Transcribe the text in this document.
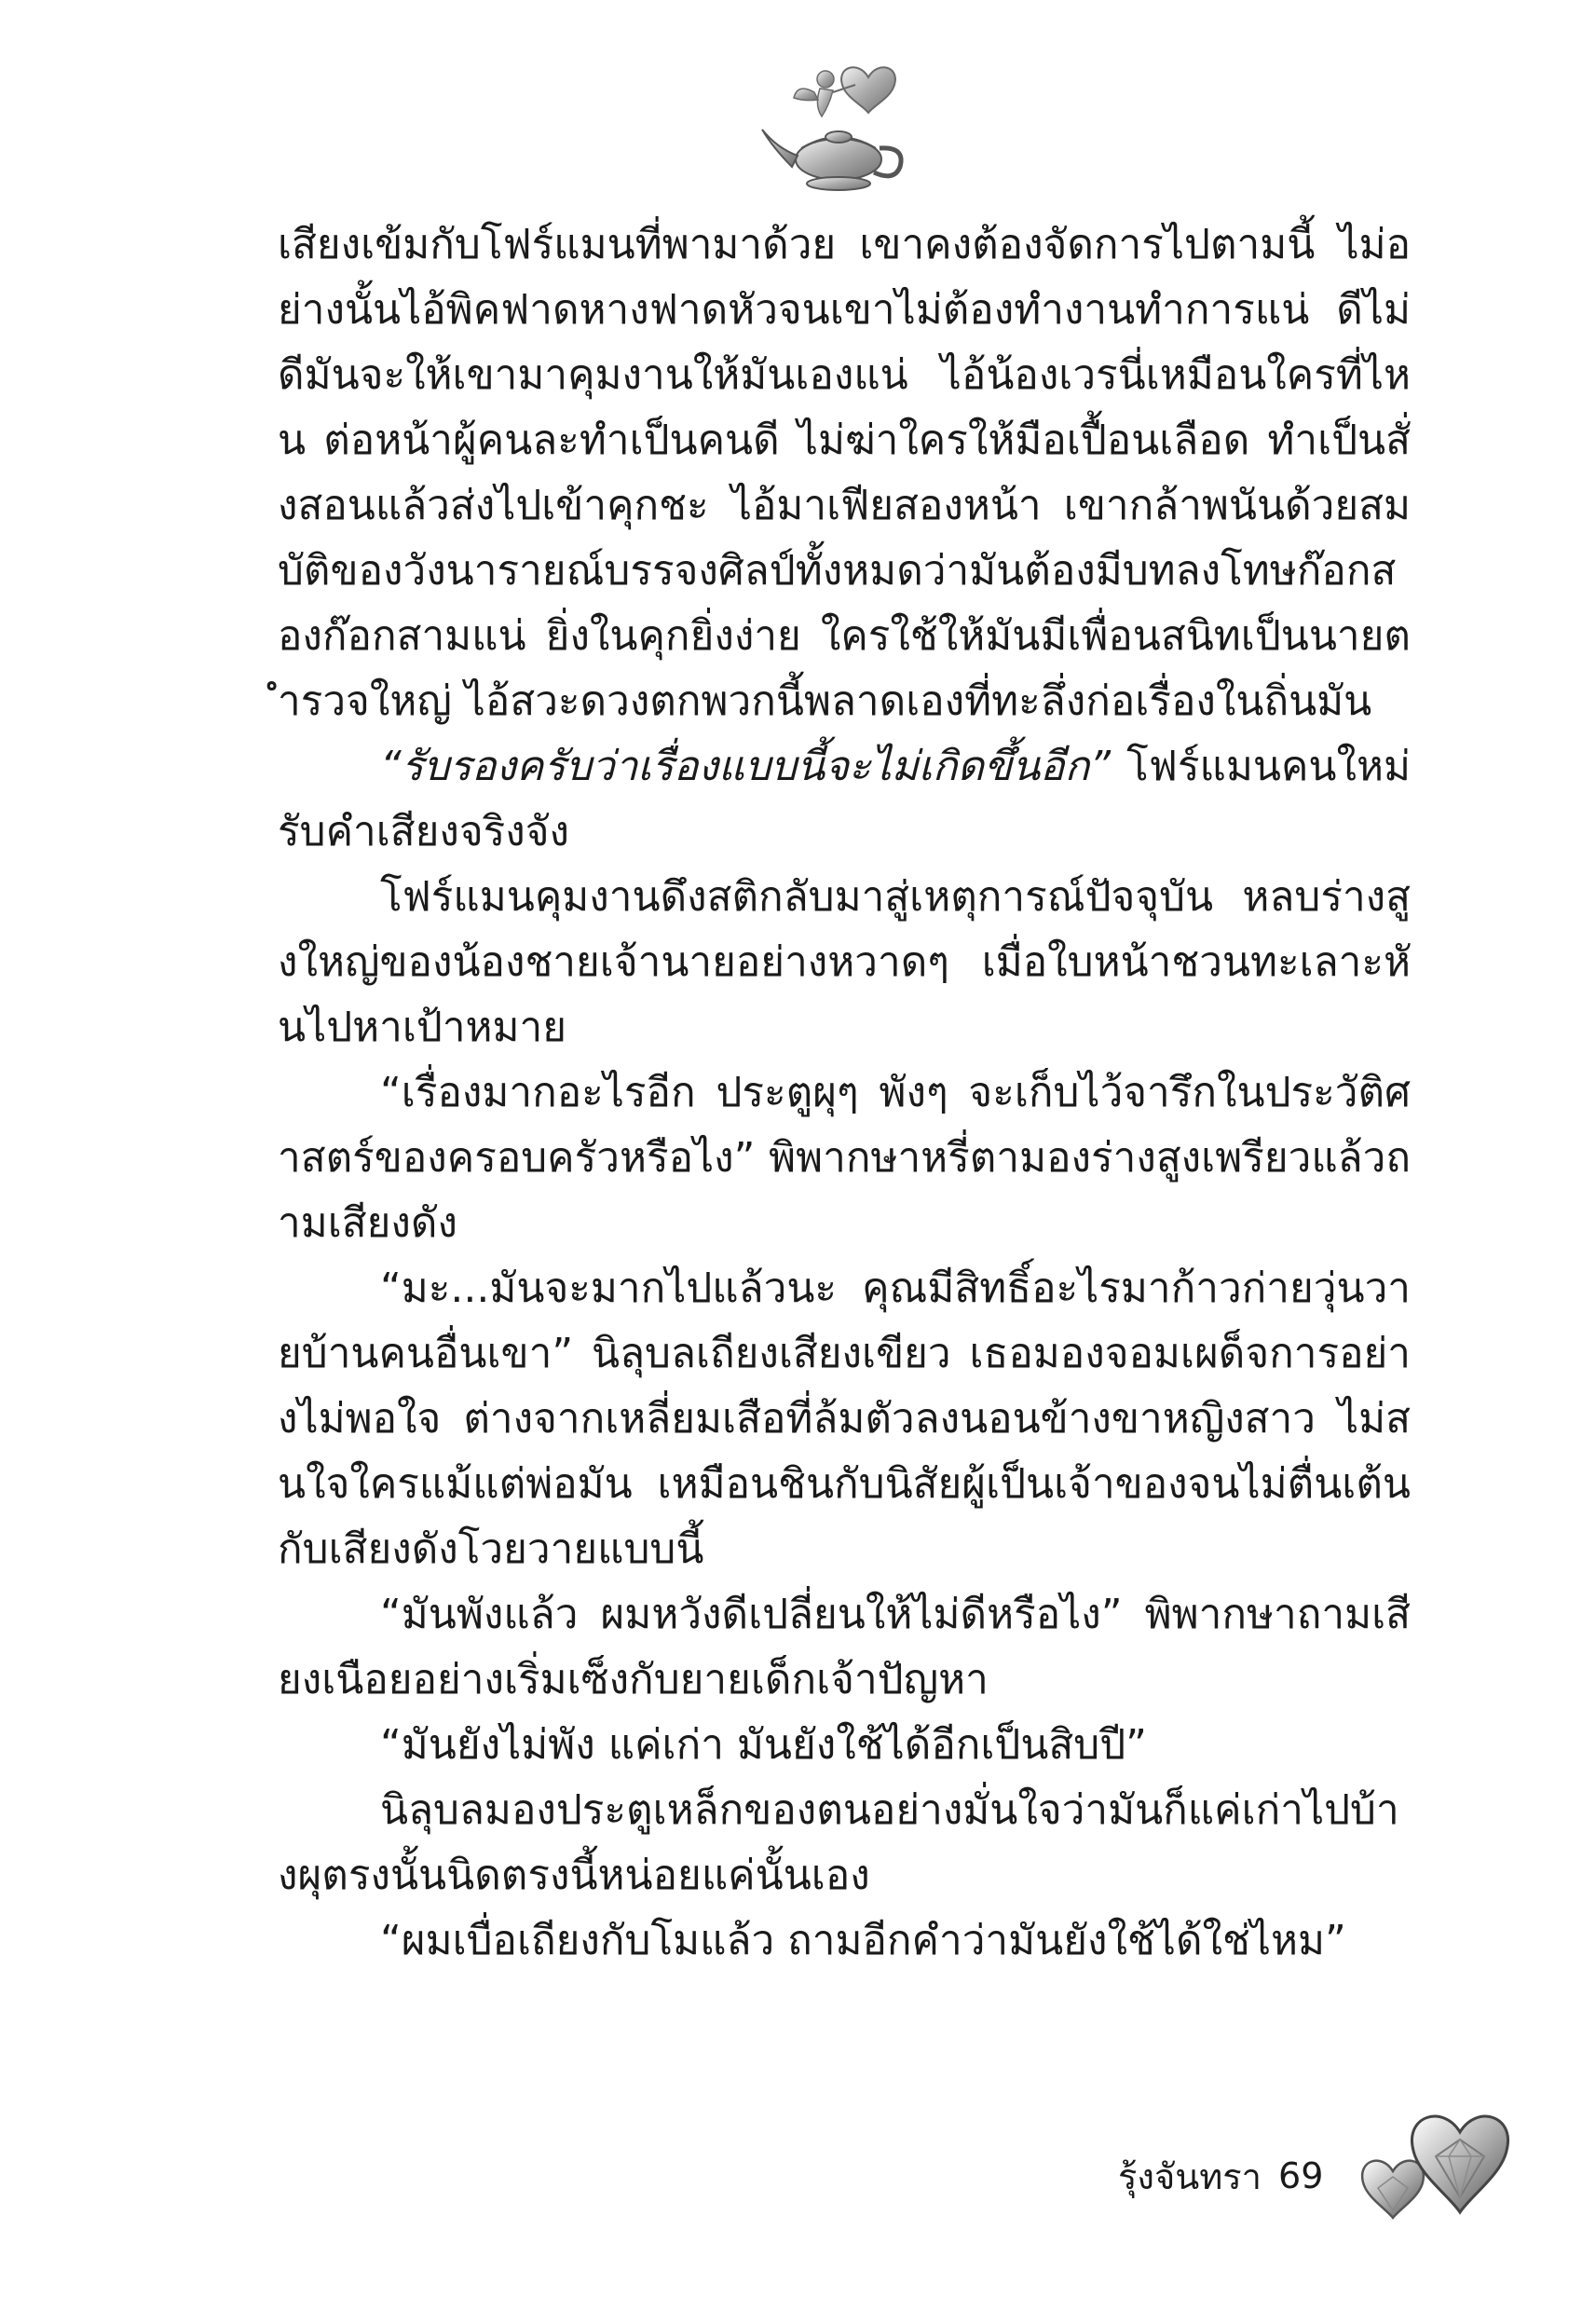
เสียงเข้มกับโฟร์แมนที่พามาด้วย เขาคงต้องจัดการไปตามนี้ ไม่อย่างนั้นไอ้พิคฟาดหางฟาดหัวจนเขาไม่ต้องทำงานทำการแน่ ดีไม่ดีมันจะให้เขามาคุมงานให้มันเองแน่ ไอ้น้องเวรนี่เหมือนใครที่ไหน ต่อหน้าผู้คนละทำเป็นคนดี ไม่ฆ่าใครให้มือเปื้อนเลือด ทำเป็นสั่งสอนแล้วส่งไปเข้าคุกชะ ไอ้มาเฟียสองหน้า เขากล้าพนันด้วยสมบัติของวังนารายณ์บรรจงศิลป์ทั้งหมดว่ามันต้องมีบทลงโทษก๊อกสองก๊อกสามแน่ ยิ่งในคุกยิ่งง่าย ใครใช้ให้มันมีเพื่อนสนิทเป็นนายตำรวจใหญ่ ไอ้สวะดวงตกพวกนี้พลาดเองที่ทะลึ่งก่อเรื่องในถิ่นมัน

“รับรองครับว่าเรื่องแบบนี้จะไม่เกิดขึ้นอีก” โฟร์แมนคนใหม่รับคำเสียงจริงจัง

โฟร์แมนคุมงานดึงสติกลับมาสู่เหตุการณ์ปัจจุบัน หลบร่างสูงใหญ่ของน้องชายเจ้านายอย่างหวาดๆ เมื่อใบหน้าชวนทะเลาะหันไปหาเป้าหมาย

“เรื่องมากอะไรอีก ประตูผุๆ พังๆ จะเก็บไว้จารึกในประวัติศาสตร์ของครอบครัวหรือไง” พิพากษาหรี่ตามองร่างสูงเพรียวแล้วถามเสียงดัง

“มะ...มันจะมากไปแล้วนะ คุณมีสิทธิ์อะไรมาก้าวก่ายวุ่นวายบ้านคนอื่นเขา” นิลุบลเถียงเสียงเขียว เธอมองจอมเผด็จการอย่างไม่พอใจ ต่างจากเหลี่ยมเสือที่ล้มตัวลงนอนข้างขาหญิงสาว ไม่สนใจใครแม้แต่พ่อมัน เหมือนชินกับนิสัยผู้เป็นเจ้าของจนไม่ตื่นเต้นกับเสียงดังโวยวายแบบนี้

“มันพังแล้ว ผมหวังดีเปลี่ยนให้ไม่ดีหรือไง” พิพากษาถามเสียงเนือยอย่างเริ่มเซ็งกับยายเด็กเจ้าปัญหา

“มันยังไม่พัง แค่เก่า มันยังใช้ได้อีกเป็นสิบปี”

นิลุบลมองประตูเหล็กของตนอย่างมั่นใจว่ามันก็แค่เก่าไปบ้างผุตรงนั้นนิดตรงนี้หน่อยแค่นั้นเอง

“ผมเบื่อเถียงกับโมแล้ว ถามอีกคำว่ามันยังใช้ได้ใช่ไหม”

รุ้งจันทรา 69
